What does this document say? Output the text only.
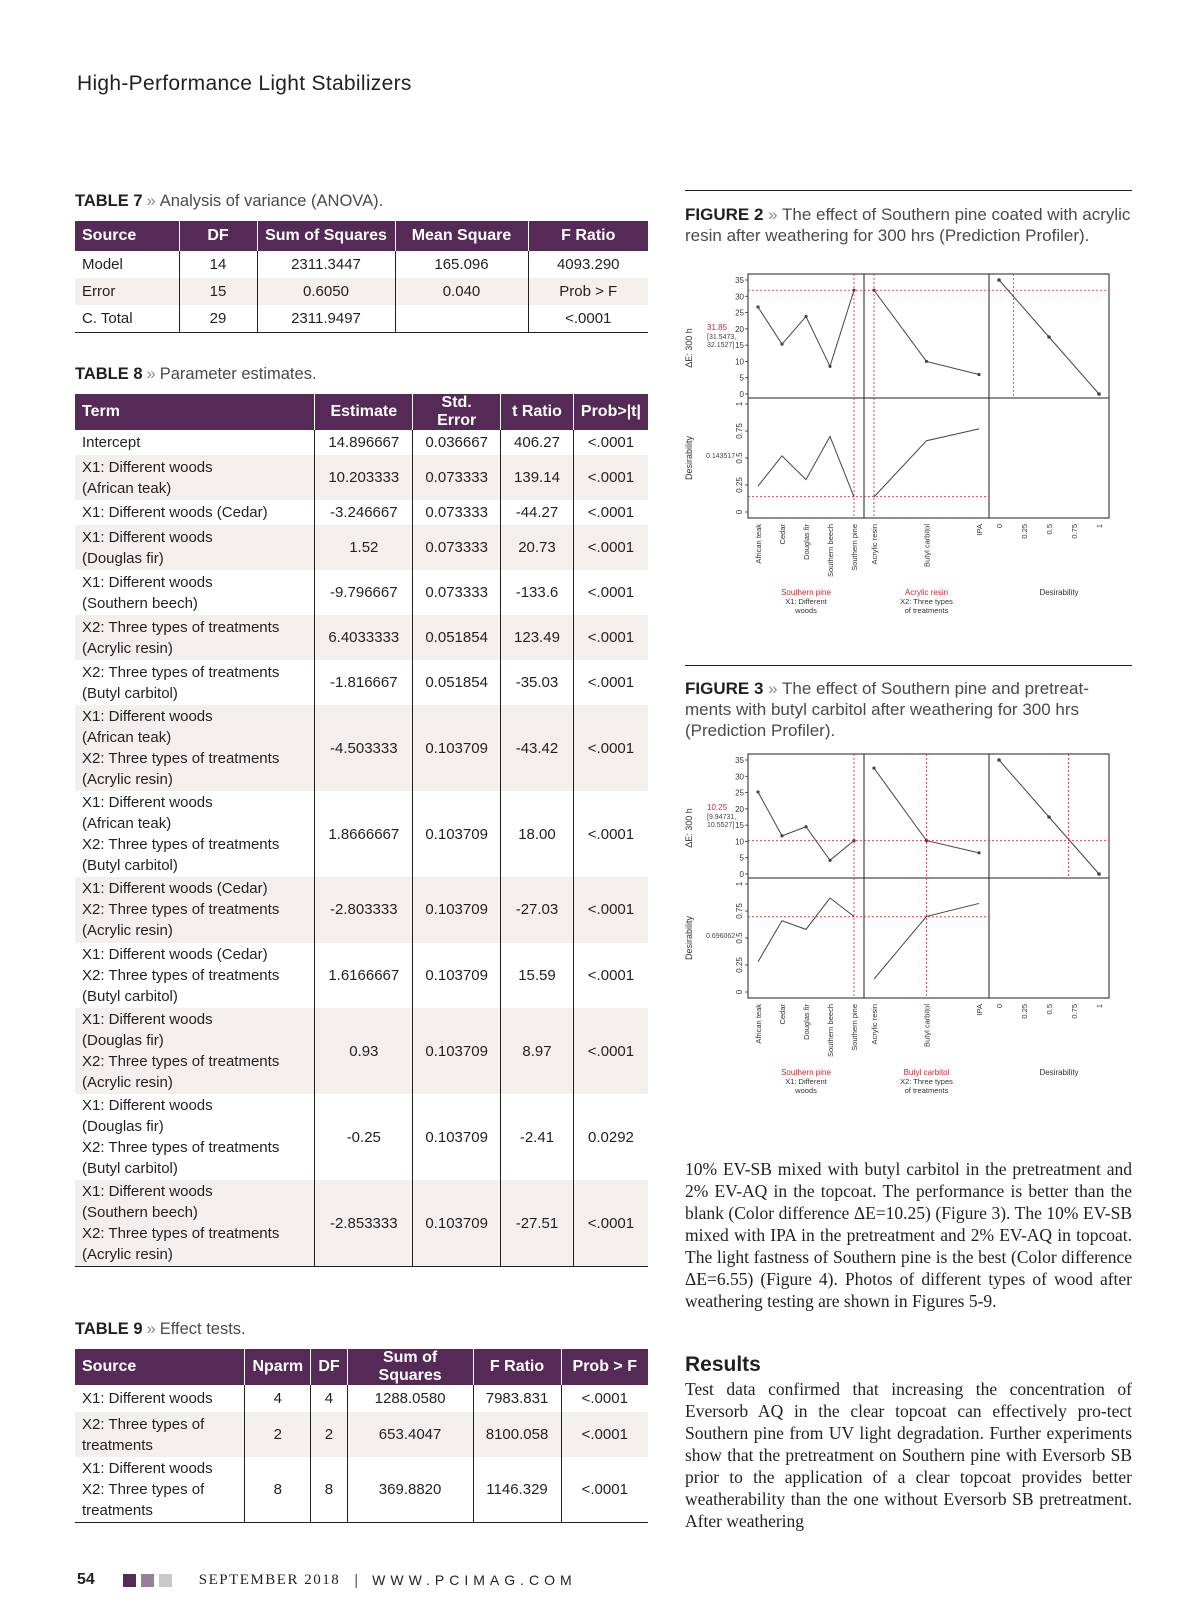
High-Performance Light Stabilizers
TABLE 7 » Analysis of variance (ANOVA).
Source	DF	Sum of Squares	Mean Square	F Ratio
Model	14	2311.3447	165.096	4093.290
Error	15	0.6050	0.040	Prob > F
C. Total	29	2311.9497		<.0001
TABLE 8 » Parameter estimates.
Term	Estimate	Std. Error	t Ratio	Prob>|t|
Intercept	14.896667	0.036667	406.27	<.0001
X1: Different woods
(African teak)	10.203333	0.073333	139.14	<.0001
X1: Different woods (Cedar)	-3.246667	0.073333	-44.27	<.0001
X1: Different woods
(Douglas fir)	1.52	0.073333	20.73	<.0001
X1: Different woods
(Southern beech)	-9.796667	0.073333	-133.6	<.0001
X2: Three types of treatments
(Acrylic resin)	6.4033333	0.051854	123.49	<.0001
X2: Three types of treatments
(Butyl carbitol)	-1.816667	0.051854	-35.03	<.0001
X1: Different woods
(African teak)
X2: Three types of treatments
(Acrylic resin)	-4.503333	0.103709	-43.42	<.0001
X1: Different woods
(African teak)
X2: Three types of treatments
(Butyl carbitol)	1.8666667	0.103709	18.00	<.0001
X1: Different woods (Cedar)
X2: Three types of treatments
(Acrylic resin)	-2.803333	0.103709	-27.03	<.0001
X1: Different woods (Cedar)
X2: Three types of treatments
(Butyl carbitol)	1.6166667	0.103709	15.59	<.0001
X1: Different woods
(Douglas fir)
X2: Three types of treatments
(Acrylic resin)	0.93	0.103709	8.97	<.0001
X1: Different woods
(Douglas fir)
X2: Three types of treatments
(Butyl carbitol)	-0.25	0.103709	-2.41	0.0292
X1: Different woods
(Southern beech)
X2: Three types of treatments
(Acrylic resin)	-2.853333	0.103709	-27.51	<.0001
TABLE 9 » Effect tests.
Source	Nparm	DF	Sum of Squares	F Ratio	Prob > F
X1: Different woods	4	4	1288.0580	7983.831	<.0001
X2: Three types of
treatments	2	2	653.4047	8100.058	<.0001
X1: Different woods
X2: Three types of
treatments	8	8	369.8820	1146.329	<.0001
FIGURE 2 » The effect of Southern pine coated with acrylic resin after weathering for 300 hrs (Prediction Profiler).
ΔE: 300 h
Desirability
31.85
[31.5473,
32.1527]
0.143517
0
5
10
15
20
25
30
35
0
0.25
0.5
0.75
1
African teak Cedar Douglas fir Southern beech Southern pine
Southern pine
X1: Different
woods
Acrylic resin	Butyl carbitol	IPA
Acrylic resin
X2: Three types
of treatments
0 0.25 0.5 0.75 1
Desirability
FIGURE 3 » The effect of Southern pine and pretreat-ments with butyl carbitol after weathering for 300 hrs (Prediction Profiler).
ΔE: 300 h
Desirability
10.25
[9.94731,
10.5527]
0.696062
0
5
10
15
20
25
30
35
0
0.25
0.5
0.75
1
African teak Cedar Douglas fir Southern beech Southern pine
Southern pine
X1: Different
woods
Acrylic resin	Butyl carbitol	IPA
Butyl carbitol
X2: Three types
of treatments
0 0.25 0.5 0.75 1
Desirability
10% EV-SB mixed with butyl carbitol in the pretreatment and 2% EV-AQ in the topcoat. The performance is better than the blank (Color difference ΔE=10.25) (Figure 3). The 10% EV-SB mixed with IPA in the pretreatment and 2% EV-AQ in topcoat. The light fastness of Southern pine is the best (Color difference ΔE=6.55) (Figure 4). Photos of different types of wood after weathering testing are shown in Figures 5-9.
Results
Test data confirmed that increasing the concentration of Eversorb AQ in the clear topcoat can effectively pro-tect Southern pine from UV light degradation. Further experiments show that the pretreatment on Southern pine with Eversorb SB prior to the application of a clear topcoat provides better weatherability than the one without Eversorb SB pretreatment. After weathering
54	SEPTEMBER 2018 | WWW.PCIMAG.COM
